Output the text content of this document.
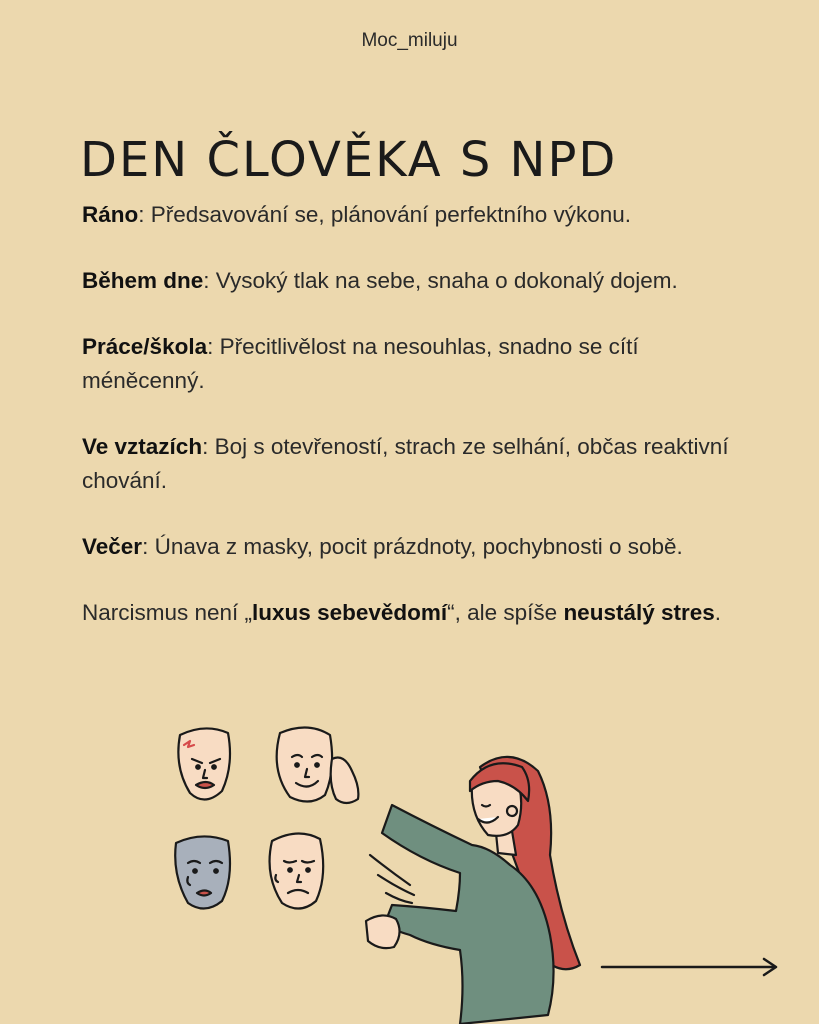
Moc_miluju
DEN ČLOVĚKA S NPD

Ráno: Předsavování se, plánování perfektního výkonu.

Během dne: Vysoký tlak na sebe, snaha o dokonalý dojem.

Práce/škola: Přecitlivělost na nesouhlas, snadno se cítí méněcenný.

Ve vztazích: Boj s otevřeností, strach ze selhání, občas reaktivní chování.

Večer: Únava z masky, pocit prázdnoty, pochybnosti o sobě.

Narcismus není „luxus sebevědomí“, ale spíše neustálý stres.
